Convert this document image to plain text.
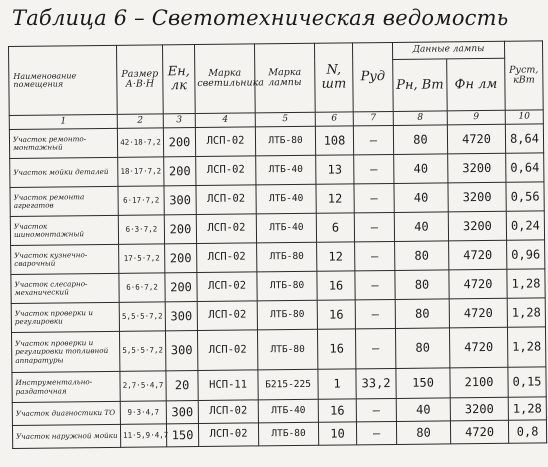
Таблица 6 – Светотехническая ведомость
Наименование помещения	Размер А·В·Н	Ен, лк	Марка светильника	Марка лампы	N, шт	Руд	Данные лампы		Руст, кВт
							Рн, Вт	Фн лм	
1	2	3	4	5	6	7	8	9	10
Участок ремонто-монтажный	42·18·7,2	200	ЛСП-02	ЛТБ-80	108	—	80	4720	8,64
Участок мойки деталей	18·17·7,2	200	ЛСП-02	ЛТБ-40	13	—	40	3200	0,64
Участок ремонта агрегатов	6·17·7,2	300	ЛСП-02	ЛТБ-40	12	—	40	3200	0,56
Участок шиномонтажный	6·3·7,2	200	ЛСП-02	ЛТБ-40	6	—	40	3200	0,24
Участок кузнечно-сварочный	17·5·7,2	200	ЛСП-02	ЛТБ-80	12	—	80	4720	0,96
Участок слесарно-механический	6·6·7,2	200	ЛСП-02	ЛТБ-80	16	—	80	4720	1,28
Участок проверки и регулировки	5,5·5·7,2	300	ЛСП-02	ЛТБ-80	16	—	80	4720	1,28
Участок проверки и регулировки топливной аппаратуры	5,5·5·7,2	300	ЛСП-02	ЛТБ-80	16	—	80	4720	1,28
Инструментально-раздаточная	2,7·5·4,7	20	НСП-11	Б215-225	1	33,2	150	2100	0,15
Участок диагностики ТО	9·3·4,7	300	ЛСП-02	ЛТБ-40	16	—	40	3200	1,28
Участок наружной мойки	11·5,9·4,7	150	ЛСП-02	ЛТБ-80	10	—	80	4720	0,8
